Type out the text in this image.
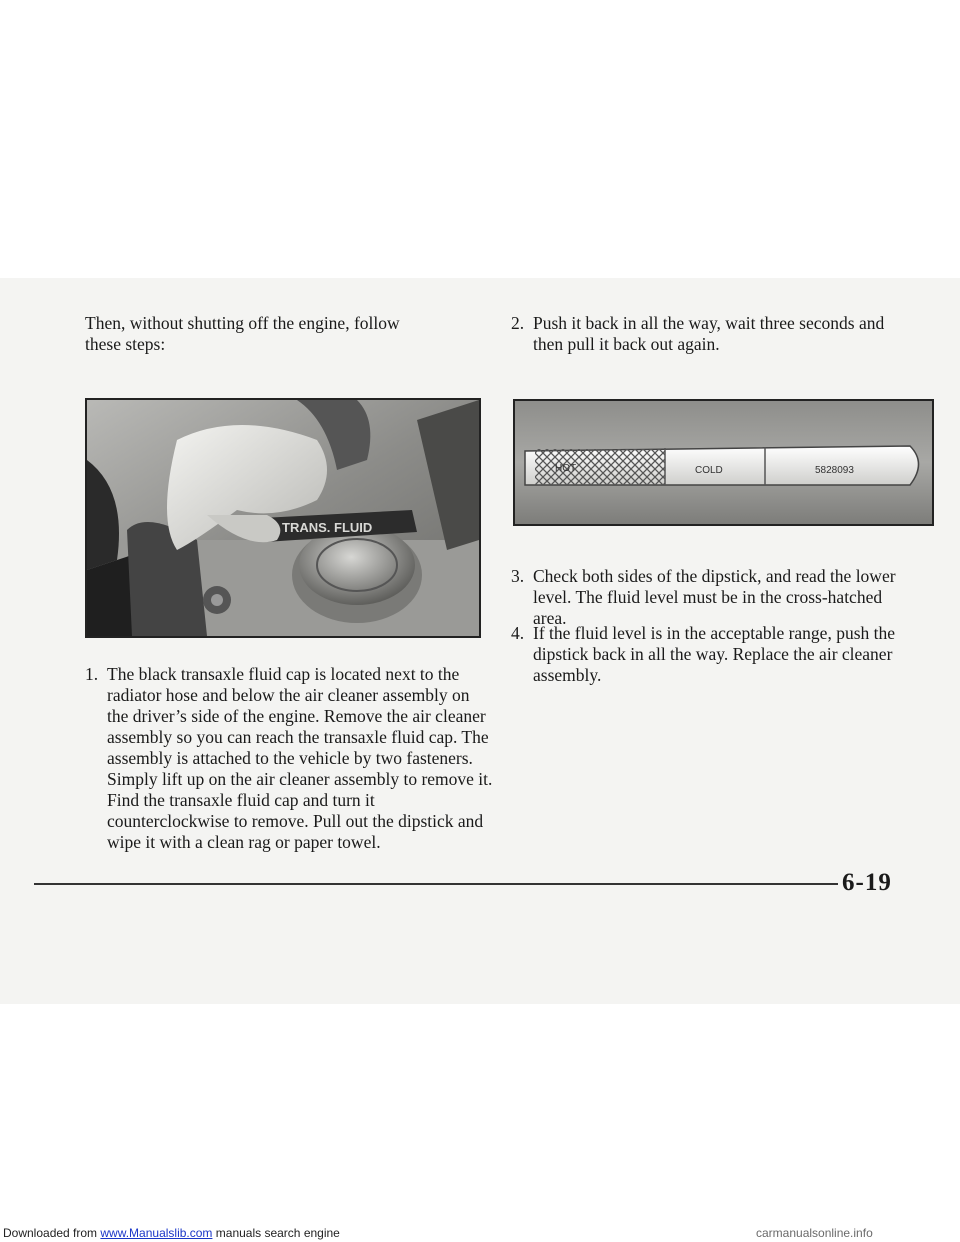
Then, without shutting off the engine, follow these steps:

TRANS. FLUID
HOT	COLD	5828093
1. The black transaxle fluid cap is located next to the radiator hose and below the air cleaner assembly on the driver’s side of the engine. Remove the air cleaner assembly so you can reach the transaxle fluid cap. The assembly is attached to the vehicle by two fasteners. Simply lift up on the air cleaner assembly to remove it. Find the transaxle fluid cap and turn it counterclockwise to remove. Pull out the dipstick and wipe it with a clean rag or paper towel.
2. Push it back in all the way, wait three seconds and then pull it back out again.
3. Check both sides of the dipstick, and read the lower level. The fluid level must be in the cross-hatched area.
4. If the fluid level is in the acceptable range, push the dipstick back in all the way. Replace the air cleaner assembly.
6-19
Downloaded from www.Manualslib.com manuals search engine	carmanualsonline.info
